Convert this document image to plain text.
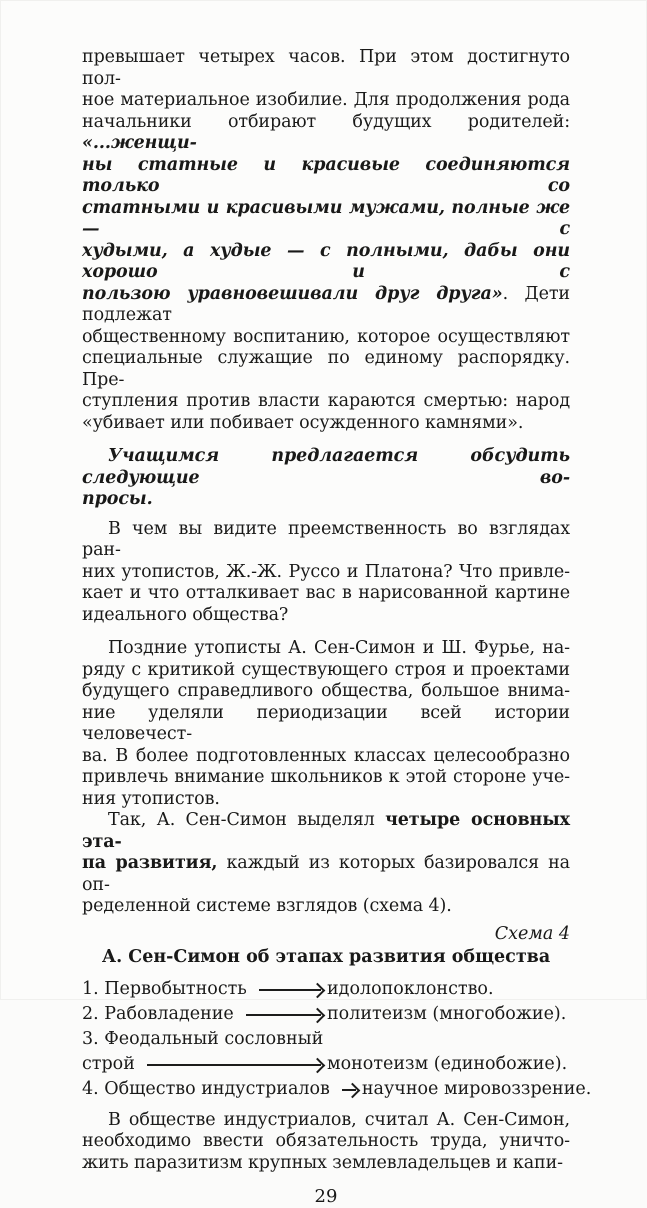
превышает четырех часов. При этом достигнуто пол-
ное материальное изобилие. Для продолжения рода
начальники отбирают будущих родителей: «...женщи-
ны статные и красивые соединяются только со
статными и красивыми мужами, полные же — с
худыми, а худые — с полными, дабы они хорошо и с
пользою уравновешивали друг друга». Дети подлежат
общественному воспитанию, которое осуществляют
специальные служащие по единому распорядку. Пре-
ступления против власти караются смертью: народ
«убивает или побивает осужденного камнями».
Учащимся предлагается обсудить следующие во-
просы.
В чем вы видите преемственность во взглядах ран-
них утопистов, Ж.-Ж. Руссо и Платона? Что привле-
кает и что отталкивает вас в нарисованной картине
идеального общества?
Поздние утописты А. Сен-Симон и Ш. Фурье, на-
ряду с критикой существующего строя и проектами
будущего справедливого общества, большое внима-
ние уделяли периодизации всей истории человечест-
ва. В более подготовленных классах целесообразно
привлечь внимание школьников к этой стороне уче-
ния утопистов.
Так, А. Сен-Симон выделял четыре основных эта-
па развития, каждый из которых базировался на оп-
ределенной системе взглядов (схема 4).
Схема 4
А. Сен-Симон об этапах развития общества
1. Первобытность	идолопоклонство.
2. Рабовладение	политеизм (многобожие).
3. Феодальный сословный
строй	монотеизм (единобожие).
4. Общество индустриалов научное мировоззрение.
В обществе индустриалов, считал А. Сен-Симон,
необходимо ввести обязательность труда, уничто-
жить паразитизм крупных землевладельцев и капи-
29
